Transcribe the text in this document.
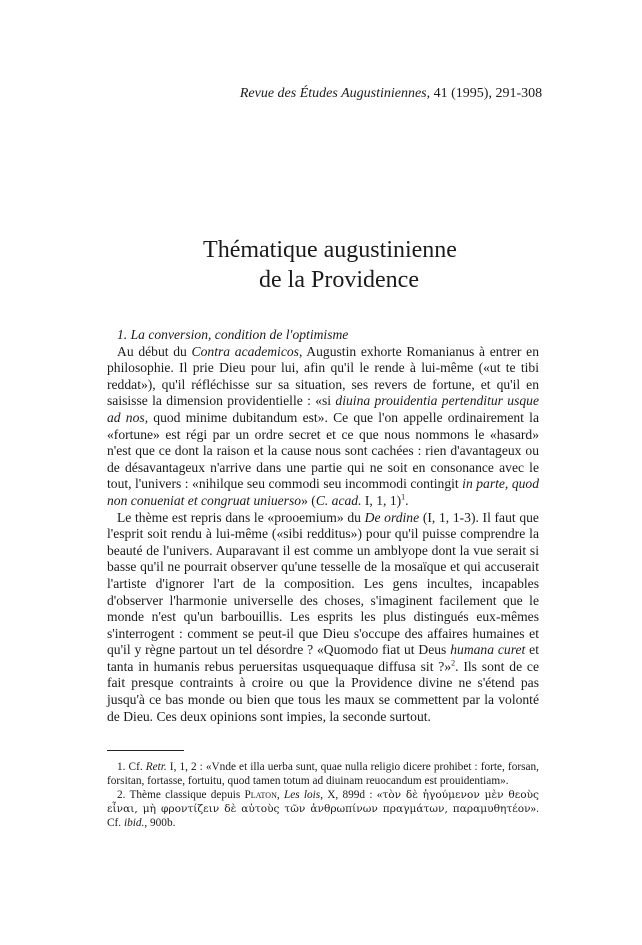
Revue des Études Augustiniennes, 41 (1995), 291-308
Thématique augustinienne
de la Providence

1. La conversion, condition de l'optimisme

Au début du Contra academicos, Augustin exhorte Romanianus à entrer en philosophie. Il prie Dieu pour lui, afin qu'il le rende à lui-même («ut te tibi reddat»), qu'il réfléchisse sur sa situation, ses revers de fortune, et qu'il en saisisse la dimension providentielle : «si diuina prouidentia pertenditur usque ad nos, quod minime dubitandum est». Ce que l'on appelle ordinairement la «fortune» est régi par un ordre secret et ce que nous nommons le «hasard» n'est que ce dont la raison et la cause nous sont cachées : rien d'avantageux ou de désavantageux n'arrive dans une partie qui ne soit en consonance avec le tout, l'univers : «nihilque seu commodi seu incommodi contingit in parte, quod non conueniat et congruat uniuerso» (C. acad. I, 1, 1)$^1$.

Le thème est repris dans le «prooemium» du De ordine (I, 1, 1-3). Il faut que l'esprit soit rendu à lui-même («sibi redditus») pour qu'il puisse comprendre la beauté de l'univers. Auparavant il est comme un amblyope dont la vue serait si basse qu'il ne pourrait observer qu'une tesselle de la mosaïque et qui accuserait l'artiste d'ignorer l'art de la composition. Les gens incultes, incapables d'observer l'harmonie universelle des choses, s'imaginent facilement que le monde n'est qu'un barbouillis. Les esprits les plus distingués eux-mêmes s'interrogent : comment se peut-il que Dieu s'occupe des affaires humaines et qu'il y règne partout un tel désordre ? «Quomodo fiat ut Deus humana curet et tanta in humanis rebus peruersitas usquequaque diffusa sit ?»$^2$. Ils sont de ce fait presque contraints à croire ou que la Providence divine ne s'étend pas jusqu'à ce bas monde ou bien que tous les maux se commettent par la volonté de Dieu. Ces deux opinions sont impies, la seconde surtout.

1. Cf. Retr. I, 1, 2 : «Vnde et illa uerba sunt, quae nulla religio dicere prohibet : forte, forsan, forsitan, fortasse, fortuitu, quod tamen totum ad diuinam reuocandum est prouidentiam».

2. Thème classique depuis Platon, Les lois, X, 899d : «τὸν δὲ ἡγούμενον μὲν θεοὺς εἶναι, μὴ φροντίζειν δὲ αὐτοὺς τῶν ἀνθρωπίνων πραγμάτων, παραμυθητέον». Cf. ibid., 900b.
